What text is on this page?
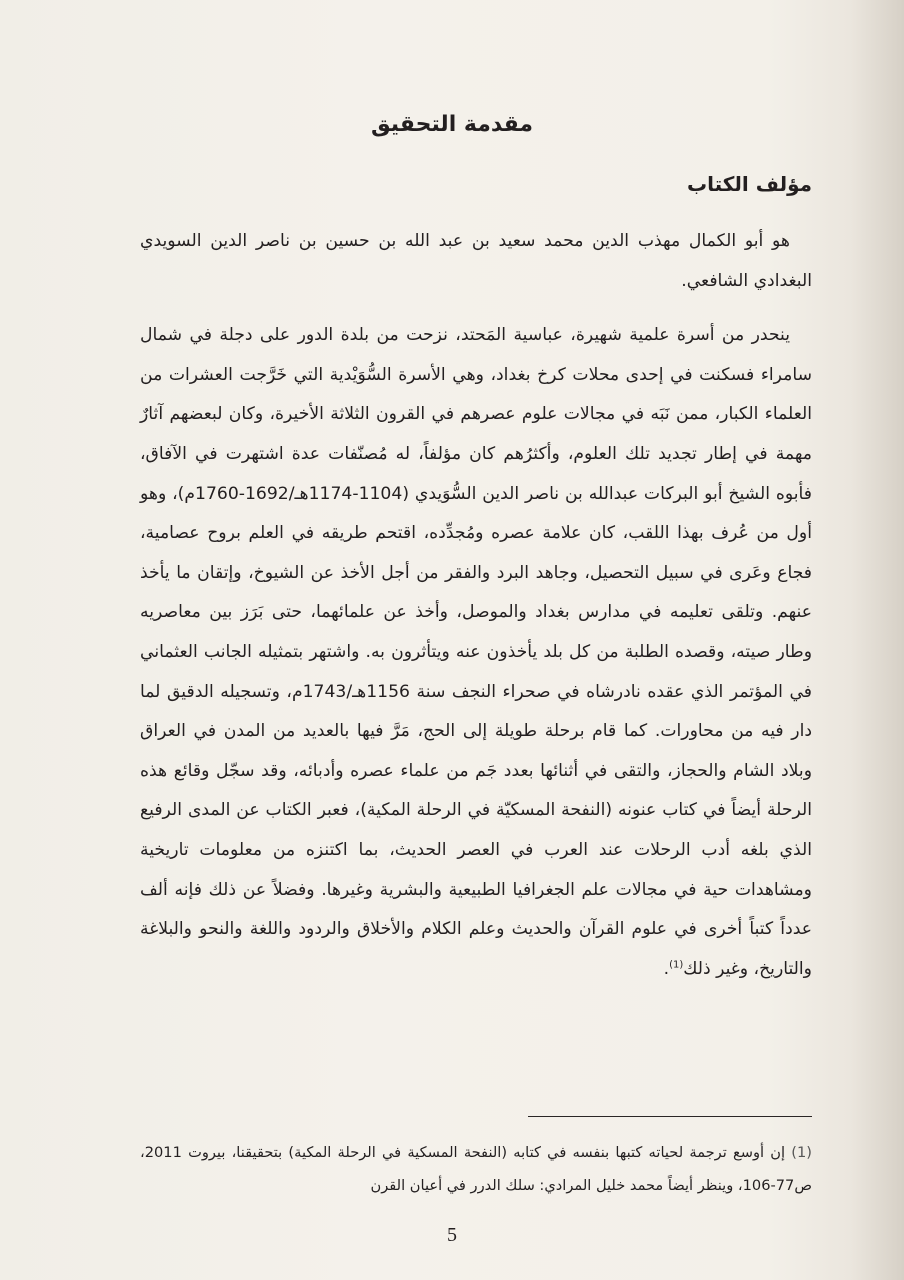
مقدمة التحقيق
مؤلف الكتاب

هو أبو الكمال مهذب الدين محمد سعيد بن عبد الله بن حسين بن ناصر الدين السويدي البغدادي الشافعي.

ينحدر من أسرة علمية شهيرة، عباسية المَحتد، نزحت من بلدة الدور على دجلة في شمال سامراء فسكنت في إحدى محلات كرخ بغداد، وهي الأسرة السُّوَيْدية التي خَرَّجت العشرات من العلماء الكبار، ممن نَبَه في مجالات علوم عصرهم في القرون الثلاثة الأخيرة، وكان لبعضهم آثارٌ مهمة في إطار تجديد تلك العلوم، وأكثرُهم كان مؤلفاً، له مُصنّفات عدة اشتهرت في الآفاق، فأبوه الشيخ أبو البركات عبدالله بن ناصر الدين السُّوَيدي (1104-1174هـ/1692-1760م)، وهو أول من عُرف بهذا اللقب، كان علامة عصره ومُجدِّده، اقتحم طريقه في العلم بروح عصامية، فجاع وعَرى في سبيل التحصيل، وجاهد البرد والفقر من أجل الأخذ عن الشيوخ، وإتقان ما يأخذ عنهم. وتلقى تعليمه في مدارس بغداد والموصل، وأخذ عن علمائهما، حتى بَرَز بين معاصريه وطار صيته، وقصده الطلبة من كل بلد يأخذون عنه ويتأثرون به. واشتهر بتمثيله الجانب العثماني في المؤتمر الذي عقده نادرشاه في صحراء النجف سنة 1156هـ/1743م، وتسجيله الدقيق لما دار فيه من محاورات. كما قام برحلة طويلة إلى الحج، مَرَّ فيها بالعديد من المدن في العراق وبلاد الشام والحجاز، والتقى في أثنائها بعدد جَم من علماء عصره وأدبائه، وقد سجّل وقائع هذه الرحلة أيضاً في كتاب عنونه (النفحة المسكيّة في الرحلة المكية)، فعبر الكتاب عن المدى الرفيع الذي بلغه أدب الرحلات عند العرب في العصر الحديث، بما اكتنزه من معلومات تاريخية ومشاهدات حية في مجالات علم الجغرافيا الطبيعية والبشرية وغيرها. وفضلاً عن ذلك فإنه ألف عدداً كتباً أخرى في علوم القرآن والحديث وعلم الكلام والأخلاق والردود واللغة والنحو والبلاغة والتاريخ، وغير ذلك$^{(1)}$.

(1) إن أوسع ترجمة لحياته كتبها بنفسه في كتابه (النفحة المسكية في الرحلة المكية) بتحقيقنا، بيروت 2011، ص77-106، وينظر أيضاً محمد خليل المرادي: سلك الدرر في أعيان القرن

5
